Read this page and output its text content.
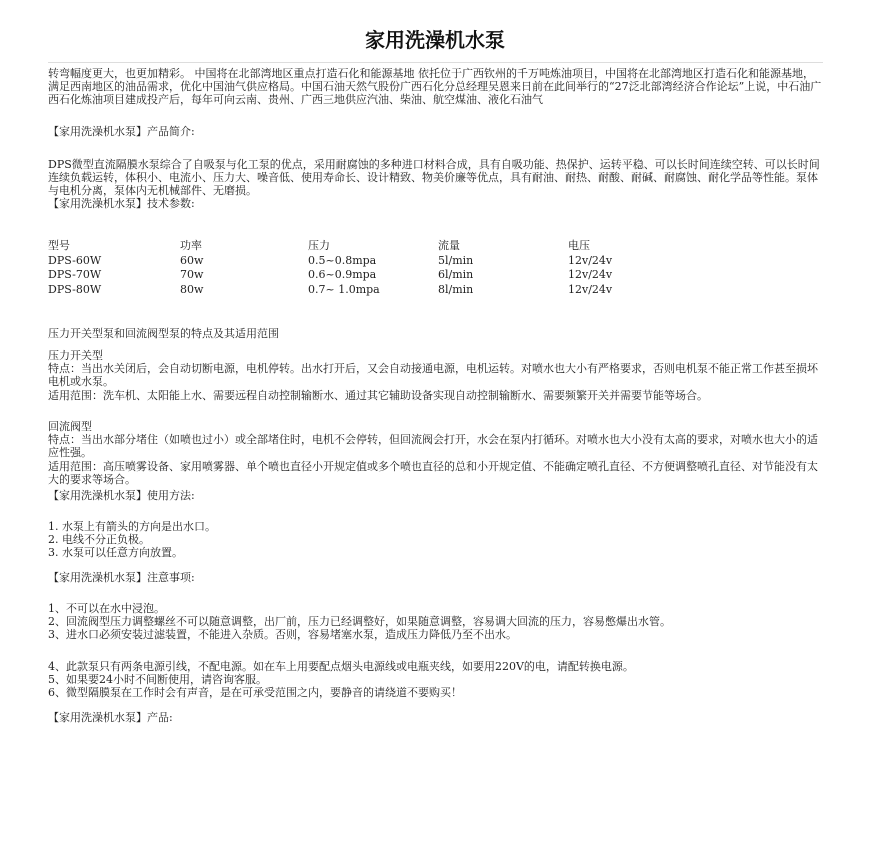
家用洗澡机水泵
转弯幅度更大，也更加精彩。 中国将在北部湾地区重点打造石化和能源基地 依托位于广西钦州的千万吨炼油项目，中国将在北部湾地区打造石化和能源基地，满足西南地区的油品需求，优化中国油气供应格局。中国石油天然气股份广西石化分总经理吴恩来日前在此间举行的“27泛北部湾经济合作论坛”上说，中石油广西石化炼油项目建成投产后，每年可向云南、贵州、广西三地供应汽油、柴油、航空煤油、液化石油气
【家用洗澡机水泵】产品简介:
DPS微型直流隔膜水泵综合了自吸泵与化工泵的优点，采用耐腐蚀的多种进口材料合成，具有自吸功能、热保护、运转平稳、可以长时间连续空转、可以长时间连续负载运转，体积小、电流小、压力大、噪音低、使用寿命长、设计精致、物美价廉等优点，具有耐油、耐热、耐酸、耐碱、耐腐蚀、耐化学品等性能。泵体与电机分离，泵体内无机械部件、无磨损。
【家用洗澡机水泵】技术参数:
型号	功率	压力	流量	电压
DPS-60W	60w	0.5~0.8mpa	5l/min	12v/24v
DPS-70W	70w	0.6~0.9mpa	6l/min	12v/24v
DPS-80W	80w	0.7~ 1.0mpa	8l/min	12v/24v
压力开关型泵和回流阀型泵的特点及其适用范围

压力开关型

特点：当出水关闭后，会自动切断电源，电机停转。出水打开后，又会自动接通电源，电机运转。对喷水也大小有严格要求，否则电机泵不能正常工作甚至损坏电机或水泵。

适用范围：洗车机、太阳能上水、需要远程自动控制输断水、通过其它辅助设备实现自动控制输断水、需要频繁开关并需要节能等场合。

回流阀型

特点：当出水部分堵住（如喷也过小）或全部堵住时，电机不会停转，但回流阀会打开，水会在泵内打循环。对喷水也大小没有太高的要求，对喷水也大小的适应性强。

适用范围：高压喷雾设备、家用喷雾器、单个喷也直径小开规定值或多个喷也直径的总和小开规定值、不能确定喷孔直径、不方便调整喷孔直径、对节能没有太大的要求等场合。

【家用洗澡机水泵】使用方法:

1. 水泵上有箭头的方向是出水口。

2. 电线不分正负极。

3. 水泵可以任意方向放置。

【家用洗澡机水泵】注意事项:

1、不可以在水中浸泡。

2、回流阀型压力调整螺丝不可以随意调整，出厂前，压力已经调整好，如果随意调整，容易调大回流的压力，容易憋爆出水管。

3、进水口必须安装过滤装置，不能进入杂质。否则，容易堵塞水泵，造成压力降低乃至不出水。

4、此款泵只有两条电源引线，不配电源。如在车上用要配点烟头电源线或电瓶夹线，如要用220V的电，请配转换电源。

5、如果要24小时不间断使用，请咨询客服。

6、微型隔膜泵在工作时会有声音，是在可承受范围之内，要静音的请绕道不要购买！

【家用洗澡机水泵】产品:
